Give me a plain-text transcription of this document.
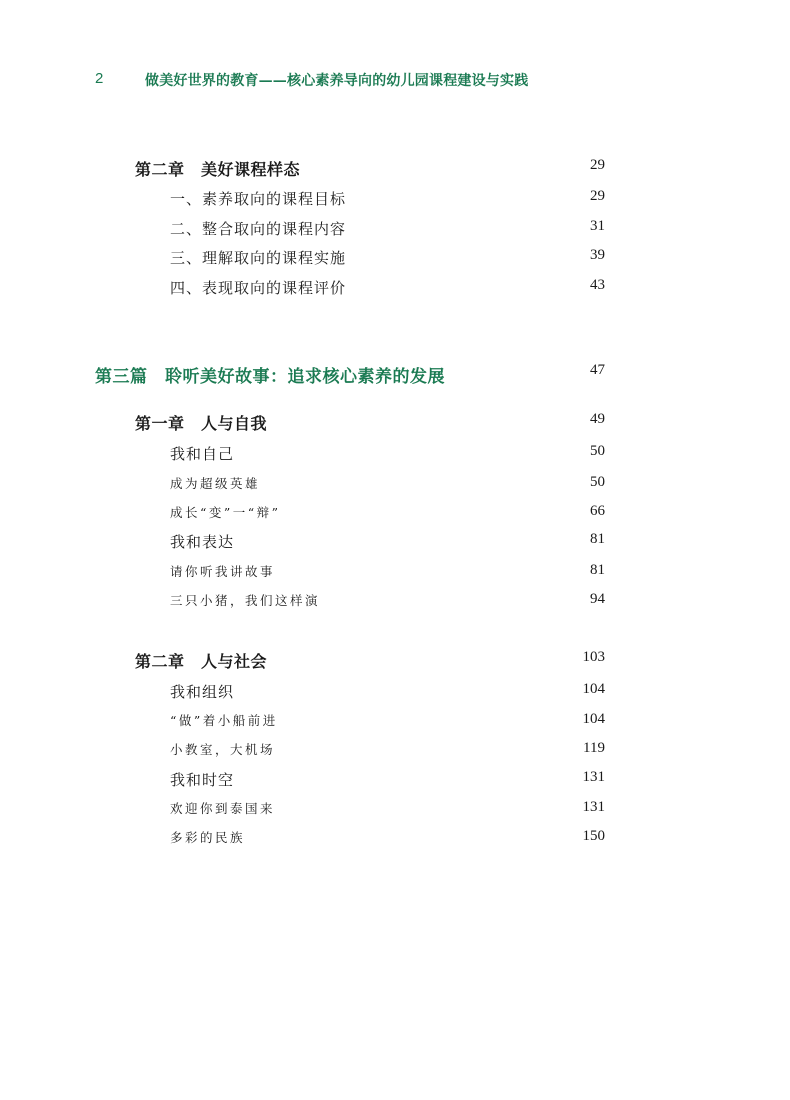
2	做美好世界的教育——核心素养导向的幼儿园课程建设与实践
第二章　美好课程样态	29
一、素养取向的课程目标	29
二、整合取向的课程内容	31
三、理解取向的课程实施	39
四、表现取向的课程评价	43
第三篇　聆听美好故事：追求核心素养的发展	47
第一章　人与自我	49
我和自己	50
成为超级英雄	50
成长“变”一“辩”	66
我和表达	81
请你听我讲故事	81
三只小猪，我们这样演	94
第二章　人与社会	103
我和组织	104
“做”着小船前进	104
小教室，大机场	119
我和时空	131
欢迎你到泰国来	131
多彩的民族	150
